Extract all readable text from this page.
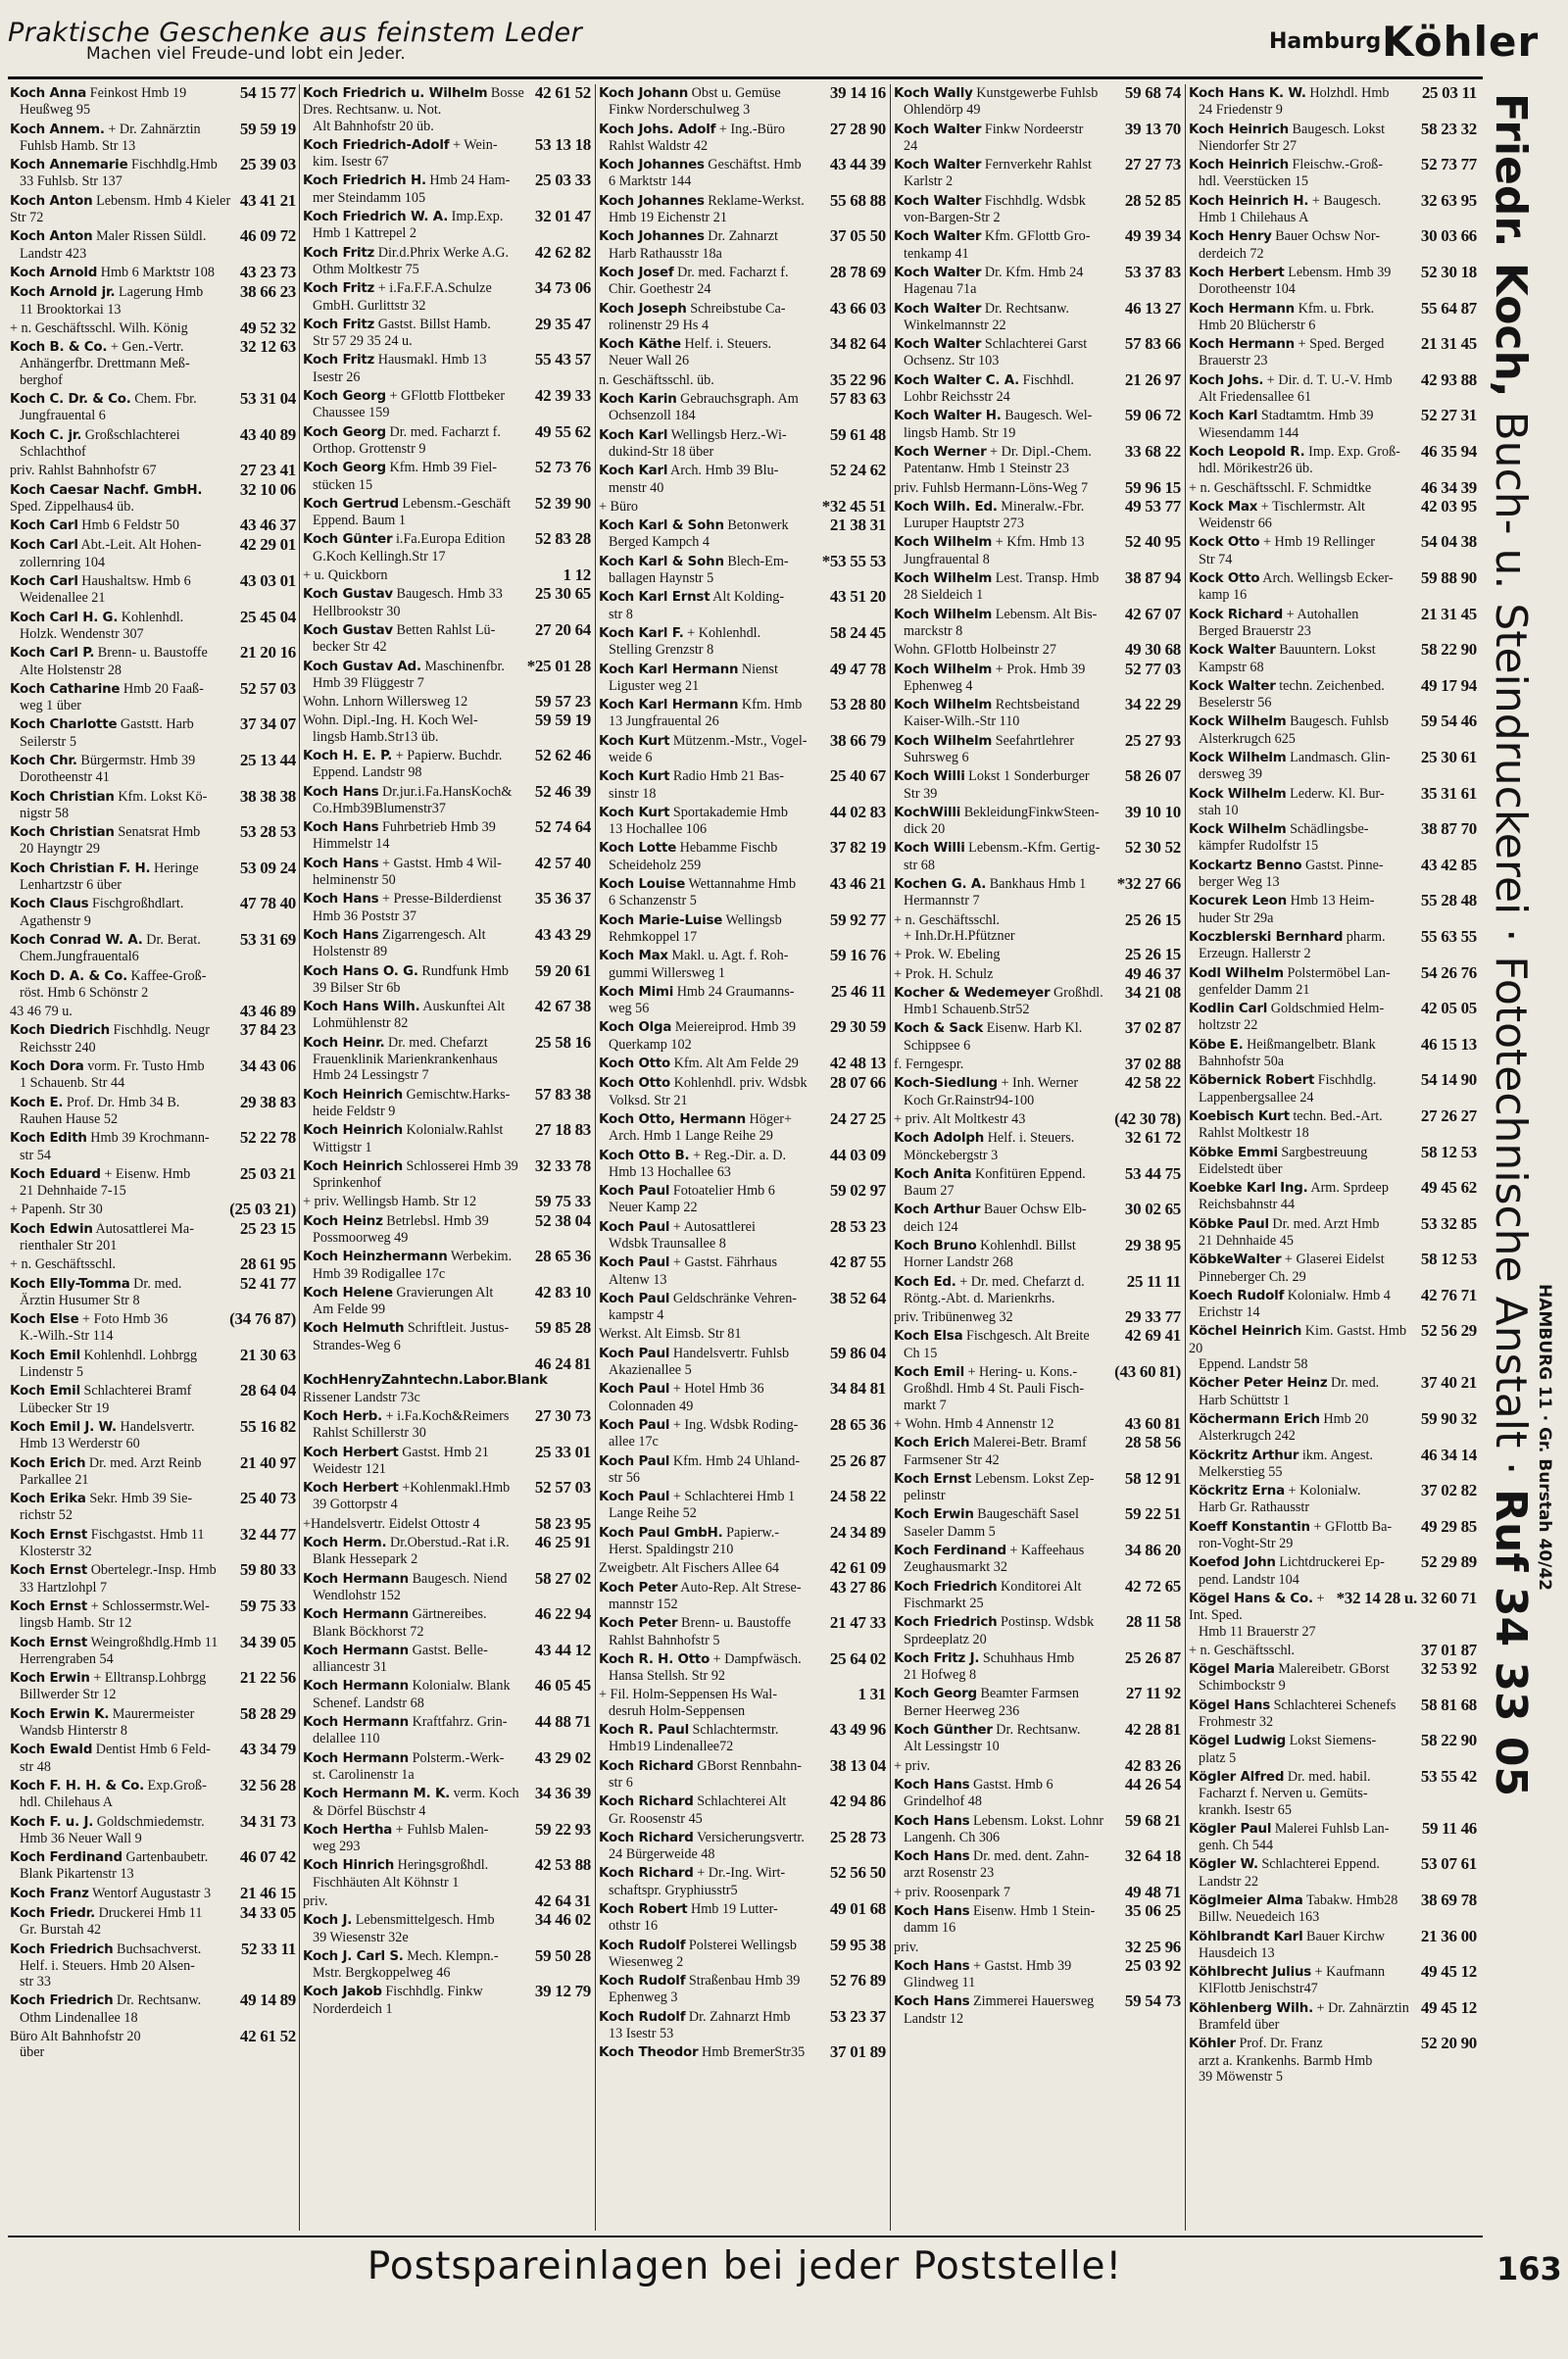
Praktische Geschenke aus feinstem Leder
Machen viel Freude-und lobt ein Jeder.	Hamburg Köhler
54 15 77
Koch Anna Feinkost Hmb 19
Heußweg 95
59 59 19
Koch Annem. + Dr. Zahnärztin
Fuhlsb Hamb. Str 13
25 39 03
Koch Annemarie Fischhdlg.Hmb
33 Fuhlsb. Str 137
43 41 21
Koch Anton Lebensm. Hmb 4 Kieler Str 72
46 09 72
Koch Anton Maler Rissen Süldl.
Landstr 423
43 23 73
Koch Arnold Hmb 6 Marktstr 108
38 66 23
Koch Arnold jr. Lagerung Hmb
11 Brooktorkai 13
49 52 32
+ n. Geschäftsschl. Wilh. König
32 12 63
Koch B. & Co. + Gen.-Vertr.
Anhängerfbr. Drettmann Meß-
berghof
53 31 04
Koch C. Dr. & Co. Chem. Fbr.
Jungfrauental 6
43 40 89
Koch C. jr. Großschlachterei
Schlachthof
27 23 41
priv. Rahlst Bahnhofstr 67
32 10 06
Koch Caesar Nachf. GmbH. Sped. Zippelhaus4 üb.
43 46 37
Koch Carl Hmb 6 Feldstr 50
42 29 01
Koch Carl Abt.-Leit. Alt Hohen-
zollernring 104
43 03 01
Koch Carl Haushaltsw. Hmb 6
Weidenallee 21
25 45 04
Koch Carl H. G. Kohlenhdl.
Holzk. Wendenstr 307
21 20 16
Koch Carl P. Brenn- u. Baustoffe
Alte Holstenstr 28
52 57 03
Koch Catharine Hmb 20 Faaß-
weg 1 über
37 34 07
Koch Charlotte Gaststt. Harb
Seilerstr 5
25 13 44
Koch Chr. Bürgermstr. Hmb 39
Dorotheenstr 41
38 38 38
Koch Christian Kfm. Lokst Kö-
nigstr 58
53 28 53
Koch Christian Senatsrat Hmb
20 Hayngtr 29
53 09 24
Koch Christian F. H. Heringe
Lenhartzstr 6 über
47 78 40
Koch Claus Fischgroßhdlart.
Agathenstr 9
53 31 69
Koch Conrad W. A. Dr. Berat.
Chem.Jungfrauental6
Koch D. A. & Co. Kaffee-Groß-
röst. Hmb 6 Schönstr 2
43 46 89
43 46 79 u.
37 84 23
Koch Diedrich Fischhdlg. Neugr
Reichsstr 240
34 43 06
Koch Dora vorm. Fr. Tusto Hmb
1 Schauenb. Str 44
29 38 83
Koch E. Prof. Dr. Hmb 34 B.
Rauhen Hause 52
52 22 78
Koch Edith Hmb 39 Krochmann-
str 54
25 03 21
Koch Eduard + Eisenw. Hmb
21 Dehnhaide 7-15
(25 03 21)
+ Papenh. Str 30
25 23 15
Koch Edwin Autosattlerei Ma-
rienthaler Str 201
28 61 95
+ n. Geschäftsschl.
52 41 77
Koch Elly-Tomma Dr. med.
Ärztin Husumer Str 8
(34 76 87)
Koch Else + Foto Hmb 36
K.-Wilh.-Str 114
21 30 63
Koch Emil Kohlenhdl. Lohbrgg
Lindenstr 5
28 64 04
Koch Emil Schlachterei Bramf
Lübecker Str 19
55 16 82
Koch Emil J. W. Handelsvertr.
Hmb 13 Werderstr 60
21 40 97
Koch Erich Dr. med. Arzt Reinb
Parkallee 21
25 40 73
Koch Erika Sekr. Hmb 39 Sie-
richstr 52
32 44 77
Koch Ernst Fischgastst. Hmb 11
Klosterstr 32
59 80 33
Koch Ernst Obertelegr.-Insp. Hmb
33 Hartzlohpl 7
59 75 33
Koch Ernst + Schlossermstr.Wel-
lingsb Hamb. Str 12
34 39 05
Koch Ernst Weingroßhdlg.Hmb 11
Herrengraben 54
21 22 56
Koch Erwin + Elltransp.Lohbrgg
Billwerder Str 12
58 28 29
Koch Erwin K. Maurermeister
Wandsb Hinterstr 8
43 34 79
Koch Ewald Dentist Hmb 6 Feld-
str 48
32 56 28
Koch F. H. H. & Co. Exp.Groß-
hdl. Chilehaus A
34 31 73
Koch F. u. J. Goldschmiedemstr.
Hmb 36 Neuer Wall 9
46 07 42
Koch Ferdinand Gartenbaubetr.
Blank Pikartenstr 13
21 46 15
Koch Franz Wentorf Augustastr 3
34 33 05
Koch Friedr. Druckerei Hmb 11
Gr. Burstah 42
52 33 11
Koch Friedrich Buchsachverst.
Helf. i. Steuers. Hmb 20 Alsen-
str 33
49 14 89
Koch Friedrich Dr. Rechtsanw.
Othm Lindenallee 18
42 61 52
Büro Alt Bahnhofstr 20
über
42 61 52
Koch Friedrich u. Wilhelm Bosse Dres. Rechtsanw. u. Not.
Alt Bahnhofstr 20 üb.
53 13 18
Koch Friedrich-Adolf + Wein-
kim. Isestr 67
25 03 33
Koch Friedrich H. Hmb 24 Ham-
mer Steindamm 105
32 01 47
Koch Friedrich W. A. Imp.Exp.
Hmb 1 Kattrepel 2
42 62 82
Koch Fritz Dir.d.Phrix Werke A.G.
Othm Moltkestr 75
34 73 06
Koch Fritz + i.Fa.F.F.A.Schulze
GmbH. Gurlittstr 32
29 35 47
Koch Fritz Gastst. Billst Hamb.
Str 57 29 35 24 u.
55 43 57
Koch Fritz Hausmakl. Hmb 13
Isestr 26
42 39 33
Koch Georg + GFlottb Flottbeker
Chaussee 159
49 55 62
Koch Georg Dr. med. Facharzt f.
Orthop. Grottenstr 9
52 73 76
Koch Georg Kfm. Hmb 39 Fiel-
stücken 15
52 39 90
Koch Gertrud Lebensm.-Geschäft
Eppend. Baum 1
52 83 28
Koch Günter i.Fa.Europa Edition
G.Koch Kellingh.Str 17
1 12
+ u. Quickborn
25 30 65
Koch Gustav Baugesch. Hmb 33
Hellbrookstr 30
27 20 64
Koch Gustav Betten Rahlst Lü-
becker Str 42
*25 01 28
Koch Gustav Ad. Maschinenfbr.
Hmb 39 Flüggestr 7
59 57 23
Wohn. Lnhorn Willersweg 12
59 59 19
Wohn. Dipl.-Ing. H. Koch Wel-
lingsb Hamb.Str13 üb.
52 62 46
Koch H. E. P. + Papierw. Buchdr.
Eppend. Landstr 98
52 46 39
Koch Hans Dr.jur.i.Fa.HansKoch&
Co.Hmb39Blumenstr37
52 74 64
Koch Hans Fuhrbetrieb Hmb 39
Himmelstr 14
42 57 40
Koch Hans + Gastst. Hmb 4 Wil-
helminenstr 50
35 36 37
Koch Hans + Presse-Bilderdienst
Hmb 36 Poststr 37
43 43 29
Koch Hans Zigarrengesch. Alt
Holstenstr 89
59 20 61
Koch Hans O. G. Rundfunk Hmb
39 Bilser Str 6b
42 67 38
Koch Hans Wilh. Auskunftei Alt
Lohmühlenstr 82
25 58 16
Koch Heinr. Dr. med. Chefarzt
Frauenklinik Marienkrankenhaus
Hmb 24 Lessingstr 7
57 83 38
Koch Heinrich Gemischtw.Harks-
heide Feldstr 9
27 18 83
Koch Heinrich Kolonialw.Rahlst
Wittigstr 1
32 33 78
Koch Heinrich Schlosserei Hmb 39
Sprinkenhof
59 75 33
+ priv. Wellingsb Hamb. Str 12
52 38 04
Koch Heinz Betrlebsl. Hmb 39
Possmoorweg 49
28 65 36
Koch Heinzhermann Werbekim.
Hmb 39 Rodigallee 17c
42 83 10
Koch Helene Gravierungen Alt
Am Felde 99
59 85 28
Koch Helmuth Schriftleit. Justus-
Strandes-Weg 6
46 24 81
KochHenryZahntechn.Labor.Blank Rissener Landstr 73c
27 30 73
Koch Herb. + i.Fa.Koch&Reimers
Rahlst Schillerstr 30
25 33 01
Koch Herbert Gastst. Hmb 21
Weidestr 121
52 57 03
Koch Herbert +Kohlenmakl.Hmb
39 Gottorpstr 4
58 23 95
+Handelsvertr. Eidelst Ottostr 4
46 25 91
Koch Herm. Dr.Oberstud.-Rat i.R.
Blank Hessepark 2
58 27 02
Koch Hermann Baugesch. Niend
Wendlohstr 152
46 22 94
Koch Hermann Gärtnereibes.
Blank Böckhorst 72
43 44 12
Koch Hermann Gastst. Belle-
alliancestr 31
46 05 45
Koch Hermann Kolonialw. Blank
Schenef. Landstr 68
44 88 71
Koch Hermann Kraftfahrz. Grin-
delallee 110
43 29 02
Koch Hermann Polsterm.-Werk-
st. Carolinenstr 1a
34 36 39
Koch Hermann M. K. verm. Koch
& Dörfel Büschstr 4
59 22 93
Koch Hertha + Fuhlsb Malen-
weg 293
42 53 88
Koch Hinrich Heringsgroßhdl.
Fischhäuten Alt Köhnstr 1
42 64 31
priv.
34 46 02
Koch J. Lebensmittelgesch. Hmb
39 Wiesenstr 32e
59 50 28
Koch J. Carl S. Mech. Klempn.-
Mstr. Bergkoppelweg 46
39 12 79
Koch Jakob Fischhdlg. Finkw
Norderdeich 1
39 14 16
Koch Johann Obst u. Gemüse
Finkw Norderschulweg 3
27 28 90
Koch Johs. Adolf + Ing.-Büro
Rahlst Waldstr 42
43 44 39
Koch Johannes Geschäftst. Hmb
6 Marktstr 144
55 68 88
Koch Johannes Reklame-Werkst.
Hmb 19 Eichenstr 21
37 05 50
Koch Johannes Dr. Zahnarzt
Harb Rathausstr 18a
28 78 69
Koch Josef Dr. med. Facharzt f.
Chir. Goethestr 24
43 66 03
Koch Joseph Schreibstube Ca-
rolinenstr 29 Hs 4
34 82 64
Koch Käthe Helf. i. Steuers.
Neuer Wall 26
35 22 96
n. Geschäftsschl. üb.
57 83 63
Koch Karin Gebrauchsgraph. Am
Ochsenzoll 184
59 61 48
Koch Karl Wellingsb Herz.-Wi-
dukind-Str 18 über
52 24 62
Koch Karl Arch. Hmb 39 Blu-
menstr 40
*32 45 51
+ Büro
21 38 31
Koch Karl & Sohn Betonwerk
Berged Kampch 4
*53 55 53
Koch Karl & Sohn Blech-Em-
ballagen Haynstr 5
43 51 20
Koch Karl Ernst Alt Kolding-
str 8
58 24 45
Koch Karl F. + Kohlenhdl.
Stelling Grenzstr 8
49 47 78
Koch Karl Hermann Nienst
Liguster weg 21
53 28 80
Koch Karl Hermann Kfm. Hmb
13 Jungfrauental 26
38 66 79
Koch Kurt Mützenm.-Mstr., Vogel-
weide 6
25 40 67
Koch Kurt Radio Hmb 21 Bas-
sinstr 18
44 02 83
Koch Kurt Sportakademie Hmb
13 Hochallee 106
37 82 19
Koch Lotte Hebamme Fischb
Scheideholz 259
43 46 21
Koch Louise Wettannahme Hmb
6 Schanzenstr 5
59 92 77
Koch Marie-Luise Wellingsb
Rehmkoppel 17
59 16 76
Koch Max Makl. u. Agt. f. Roh-
gummi Willersweg 1
25 46 11
Koch Mimi Hmb 24 Graumanns-
weg 56
29 30 59
Koch Olga Meiereiprod. Hmb 39
Querkamp 102
42 48 13
Koch Otto Kfm. Alt Am Felde 29
28 07 66
Koch Otto Kohlenhdl. priv. Wdsbk
Volksd. Str 21
24 27 25
Koch Otto, Hermann Höger+
Arch. Hmb 1 Lange Reihe 29
44 03 09
Koch Otto B. + Reg.-Dir. a. D.
Hmb 13 Hochallee 63
59 02 97
Koch Paul Fotoatelier Hmb 6
Neuer Kamp 22
28 53 23
Koch Paul + Autosattlerei
Wdsbk Traunsallee 8
42 87 55
Koch Paul + Gastst. Fährhaus
Altenw 13
38 52 64
Koch Paul Geldschränke Vehren-
kampstr 4
Werkst. Alt Eimsb. Str 81
59 86 04
Koch Paul Handelsvertr. Fuhlsb
Akazienallee 5
34 84 81
Koch Paul + Hotel Hmb 36
Colonnaden 49
28 65 36
Koch Paul + Ing. Wdsbk Roding-
allee 17c
25 26 87
Koch Paul Kfm. Hmb 24 Uhland-
str 56
24 58 22
Koch Paul + Schlachterei Hmb 1
Lange Reihe 52
24 34 89
Koch Paul GmbH. Papierw.-
Herst. Spaldingstr 210
42 61 09
Zweigbetr. Alt Fischers Allee 64
43 27 86
Koch Peter Auto-Rep. Alt Strese-
mannstr 152
21 47 33
Koch Peter Brenn- u. Baustoffe
Rahlst Bahnhofstr 5
25 64 02
Koch R. H. Otto + Dampfwäsch.
Hansa Stellsh. Str 92
1 31
+ Fil. Holm-Seppensen Hs Wal-
desruh Holm-Seppensen
43 49 96
Koch R. Paul Schlachtermstr.
Hmb19 Lindenallee72
38 13 04
Koch Richard GBorst Rennbahn-
str 6
42 94 86
Koch Richard Schlachterei Alt
Gr. Roosenstr 45
25 28 73
Koch Richard Versicherungsvertr.
24 Bürgerweide 48
52 56 50
Koch Richard + Dr.-Ing. Wirt-
schaftspr. Gryphiusstr5
49 01 68
Koch Robert Hmb 19 Lutter-
othstr 16
59 95 38
Koch Rudolf Polsterei Wellingsb
Wiesenweg 2
52 76 89
Koch Rudolf Straßenbau Hmb 39
Ephenweg 3
53 23 37
Koch Rudolf Dr. Zahnarzt Hmb
13 Isestr 53
37 01 89
Koch Theodor Hmb BremerStr35
59 68 74
Koch Wally Kunstgewerbe Fuhlsb
Ohlendörp 49
39 13 70
Koch Walter Finkw Nordeerstr
24
27 27 73
Koch Walter Fernverkehr Rahlst
Karlstr 2
28 52 85
Koch Walter Fischhdlg. Wdsbk
von-Bargen-Str 2
49 39 34
Koch Walter Kfm. GFlottb Gro-
tenkamp 41
53 37 83
Koch Walter Dr. Kfm. Hmb 24
Hagenau 71a
46 13 27
Koch Walter Dr. Rechtsanw.
Winkelmannstr 22
57 83 66
Koch Walter Schlachterei Garst
Ochsenz. Str 103
21 26 97
Koch Walter C. A. Fischhdl.
Lohbr Reichsstr 24
59 06 72
Koch Walter H. Baugesch. Wel-
lingsb Hamb. Str 19
33 68 22
Koch Werner + Dr. Dipl.-Chem.
Patentanw. Hmb 1 Steinstr 23
59 96 15
priv. Fuhlsb Hermann-Löns-Weg 7
49 53 77
Koch Wilh. Ed. Mineralw.-Fbr.
Luruper Hauptstr 273
52 40 95
Koch Wilhelm + Kfm. Hmb 13
Jungfrauental 8
38 87 94
Koch Wilhelm Lest. Transp. Hmb
28 Sieldeich 1
42 67 07
Koch Wilhelm Lebensm. Alt Bis-
marckstr 8
49 30 68
Wohn. GFlottb Holbeinstr 27
52 77 03
Koch Wilhelm + Prok. Hmb 39
Ephenweg 4
34 22 29
Koch Wilhelm Rechtsbeistand
Kaiser-Wilh.-Str 110
25 27 93
Koch Wilhelm Seefahrtlehrer
Suhrsweg 6
58 26 07
Koch Willi Lokst 1 Sonderburger
Str 39
39 10 10
KochWilli BekleidungFinkwSteen-
dick 20
52 30 52
Koch Willi Lebensm.-Kfm. Gertig-
str 68
*32 27 66
Kochen G. A. Bankhaus Hmb 1
Hermannstr 7
25 26 15
+ n. Geschäftsschl.
+ Inh.Dr.H.Pfützner
25 26 15
+ Prok. W. Ebeling
49 46 37
+ Prok. H. Schulz
34 21 08
Kocher & Wedemeyer Großhdl.
Hmb1 Schauenb.Str52
37 02 87
Koch & Sack Eisenw. Harb Kl.
Schippsee 6
37 02 88
f. Ferngespr.
42 58 22
Koch-Siedlung + Inh. Werner
Koch Gr.Rainstr94-100
(42 30 78)
+ priv. Alt Moltkestr 43
32 61 72
Koch Adolph Helf. i. Steuers.
Mönckebergstr 3
53 44 75
Koch Anita Konfitüren Eppend.
Baum 27
30 02 65
Koch Arthur Bauer Ochsw Elb-
deich 124
29 38 95
Koch Bruno Kohlenhdl. Billst
Horner Landstr 268
25 11 11
Koch Ed. + Dr. med. Chefarzt d.
Röntg.-Abt. d. Marienkrhs.
29 33 77
priv. Tribünenweg 32
42 69 41
Koch Elsa Fischgesch. Alt Breite
Ch 15
(43 60 81)
Koch Emil + Hering- u. Kons.-
Großhdl. Hmb 4 St. Pauli Fisch-
markt 7
43 60 81
+ Wohn. Hmb 4 Annenstr 12
28 58 56
Koch Erich Malerei-Betr. Bramf
Farmsener Str 42
58 12 91
Koch Ernst Lebensm. Lokst Zep-
pelinstr
59 22 51
Koch Erwin Baugeschäft Sasel
Saseler Damm 5
34 86 20
Koch Ferdinand + Kaffeehaus
Zeughausmarkt 32
42 72 65
Koch Friedrich Konditorei Alt
Fischmarkt 25
28 11 58
Koch Friedrich Postinsp. Wdsbk
Sprdeeplatz 20
25 26 87
Koch Fritz J. Schuhhaus Hmb
21 Hofweg 8
27 11 92
Koch Georg Beamter Farmsen
Berner Heerweg 236
42 28 81
Koch Günther Dr. Rechtsanw.
Alt Lessingstr 10
42 83 26
+ priv.
44 26 54
Koch Hans Gastst. Hmb 6
Grindelhof 48
59 68 21
Koch Hans Lebensm. Lokst. Lohnr
Langenh. Ch 306
32 64 18
Koch Hans Dr. med. dent. Zahn-
arzt Rosenstr 23
49 48 71
+ priv. Roosenpark 7
35 06 25
Koch Hans Eisenw. Hmb 1 Stein-
damm 16
32 25 96
priv.
25 03 92
Koch Hans + Gastst. Hmb 39
Glindweg 11
59 54 73
Koch Hans Zimmerei Hauersweg
Landstr 12
25 03 11
Koch Hans K. W. Holzhdl. Hmb
24 Friedenstr 9
58 23 32
Koch Heinrich Baugesch. Lokst
Niendorfer Str 27
52 73 77
Koch Heinrich Fleischw.-Groß-
hdl. Veerstücken 15
32 63 95
Koch Heinrich H. + Baugesch.
Hmb 1 Chilehaus A
30 03 66
Koch Henry Bauer Ochsw Nor-
derdeich 72
52 30 18
Koch Herbert Lebensm. Hmb 39
Dorotheenstr 104
55 64 87
Koch Hermann Kfm. u. Fbrk.
Hmb 20 Blücherstr 6
21 31 45
Koch Hermann + Sped. Berged
Brauerstr 23
42 93 88
Koch Johs. + Dir. d. T. U.-V. Hmb
Alt Friedensallee 61
52 27 31
Koch Karl Stadtamtm. Hmb 39
Wiesendamm 144
46 35 94
Koch Leopold R. Imp. Exp. Groß-
hdl. Mörikestr26 üb.
46 34 39
+ n. Geschäftsschl. F. Schmidtke
42 03 95
Kock Max + Tischlermstr. Alt
Weidenstr 66
54 04 38
Kock Otto + Hmb 19 Rellinger
Str 74
59 88 90
Kock Otto Arch. Wellingsb Ecker-
kamp 16
21 31 45
Kock Richard + Autohallen
Berged Brauerstr 23
58 22 90
Kock Walter Bauuntern. Lokst
Kampstr 68
49 17 94
Kock Walter techn. Zeichenbed.
Beselerstr 56
59 54 46
Kock Wilhelm Baugesch. Fuhlsb
Alsterkrugch 625
25 30 61
Kock Wilhelm Landmasch. Glin-
dersweg 39
35 31 61
Kock Wilhelm Lederw. Kl. Bur-
stah 10
38 87 70
Kock Wilhelm Schädlingsbe-
kämpfer Rudolfstr 15
43 42 85
Kockartz Benno Gastst. Pinne-
berger Weg 13
55 28 48
Kocurek Leon Hmb 13 Heim-
huder Str 29a
55 63 55
Koczblerski Bernhard pharm.
Erzeugn. Hallerstr 2
54 26 76
Kodl Wilhelm Polstermöbel Lan-
genfelder Damm 21
42 05 05
Kodlin Carl Goldschmied Helm-
holtzstr 22
46 15 13
Köbe E. Heißmangelbetr. Blank
Bahnhofstr 50a
54 14 90
Köbernick Robert Fischhdlg.
Lappenbergsallee 24
27 26 27
Koebisch Kurt techn. Bed.-Art.
Rahlst Moltkestr 18
58 12 53
Köbke Emmi Sargbestreuung
Eidelstedt über
49 45 62
Koebke Karl Ing. Arm. Sprdeep
Reichsbahnstr 44
53 32 85
Köbke Paul Dr. med. Arzt Hmb
21 Dehnhaide 45
58 12 53
KöbkeWalter + Glaserei Eidelst
Pinneberger Ch. 29
42 76 71
Koech Rudolf Kolonialw. Hmb 4
Erichstr 14
52 56 29
Köchel Heinrich Kim. Gastst. Hmb 20
Eppend. Landstr 58
37 40 21
Köcher Peter Heinz Dr. med.
Harb Schüttstr 1
59 90 32
Köchermann Erich Hmb 20
Alsterkrugch 242
46 34 14
Köckritz Arthur ikm. Angest.
Melkerstieg 55
37 02 82
Köckritz Erna + Kolonialw.
Harb Gr. Rathausstr
49 29 85
Koeff Konstantin + GFlottb Ba-
ron-Voght-Str 29
52 29 89
Koefod John Lichtdruckerei Ep-
pend. Landstr 104
*32 14 28 u. 32 60 71
Kögel Hans & Co. + Int. Sped.
Hmb 11 Brauerstr 27
37 01 87
+ n. Geschäftsschl.
32 53 92
Kögel Maria Malereibetr. GBorst
Schimbockstr 9
58 81 68
Kögel Hans Schlachterei Schenefs
Frohmestr 32
58 22 90
Kögel Ludwig Lokst Siemens-
platz 5
53 55 42
Kögler Alfred Dr. med. habil.
Facharzt f. Nerven u. Gemüts-
krankh. Isestr 65
59 11 46
Kögler Paul Malerei Fuhlsb Lan-
genh. Ch 544
53 07 61
Kögler W. Schlachterei Eppend.
Landstr 22
38 69 78
Köglmeier Alma Tabakw. Hmb28
Billw. Neuedeich 163
21 36 00
Köhlbrandt Karl Bauer Kirchw
Hausdeich 13
49 45 12
Köhlbrecht Julius + Kaufmann
KlFlottb Jenischstr47
49 45 12
Köhlenberg Wilh. + Dr. Zahnärztin
Bramfeld über
52 20 90
Köhler Prof. Dr. Franz
arzt a. Krankenhs. Barmb Hmb
39 Möwenstr 5
Friedr. Koch, Buch- u. Steindruckerei · Fototechnische Anstalt · Ruf 34 33 05
HAMBURG 11 · Gr. Burstah 40/42
Postspareinlagen bei jeder Poststelle!	163
